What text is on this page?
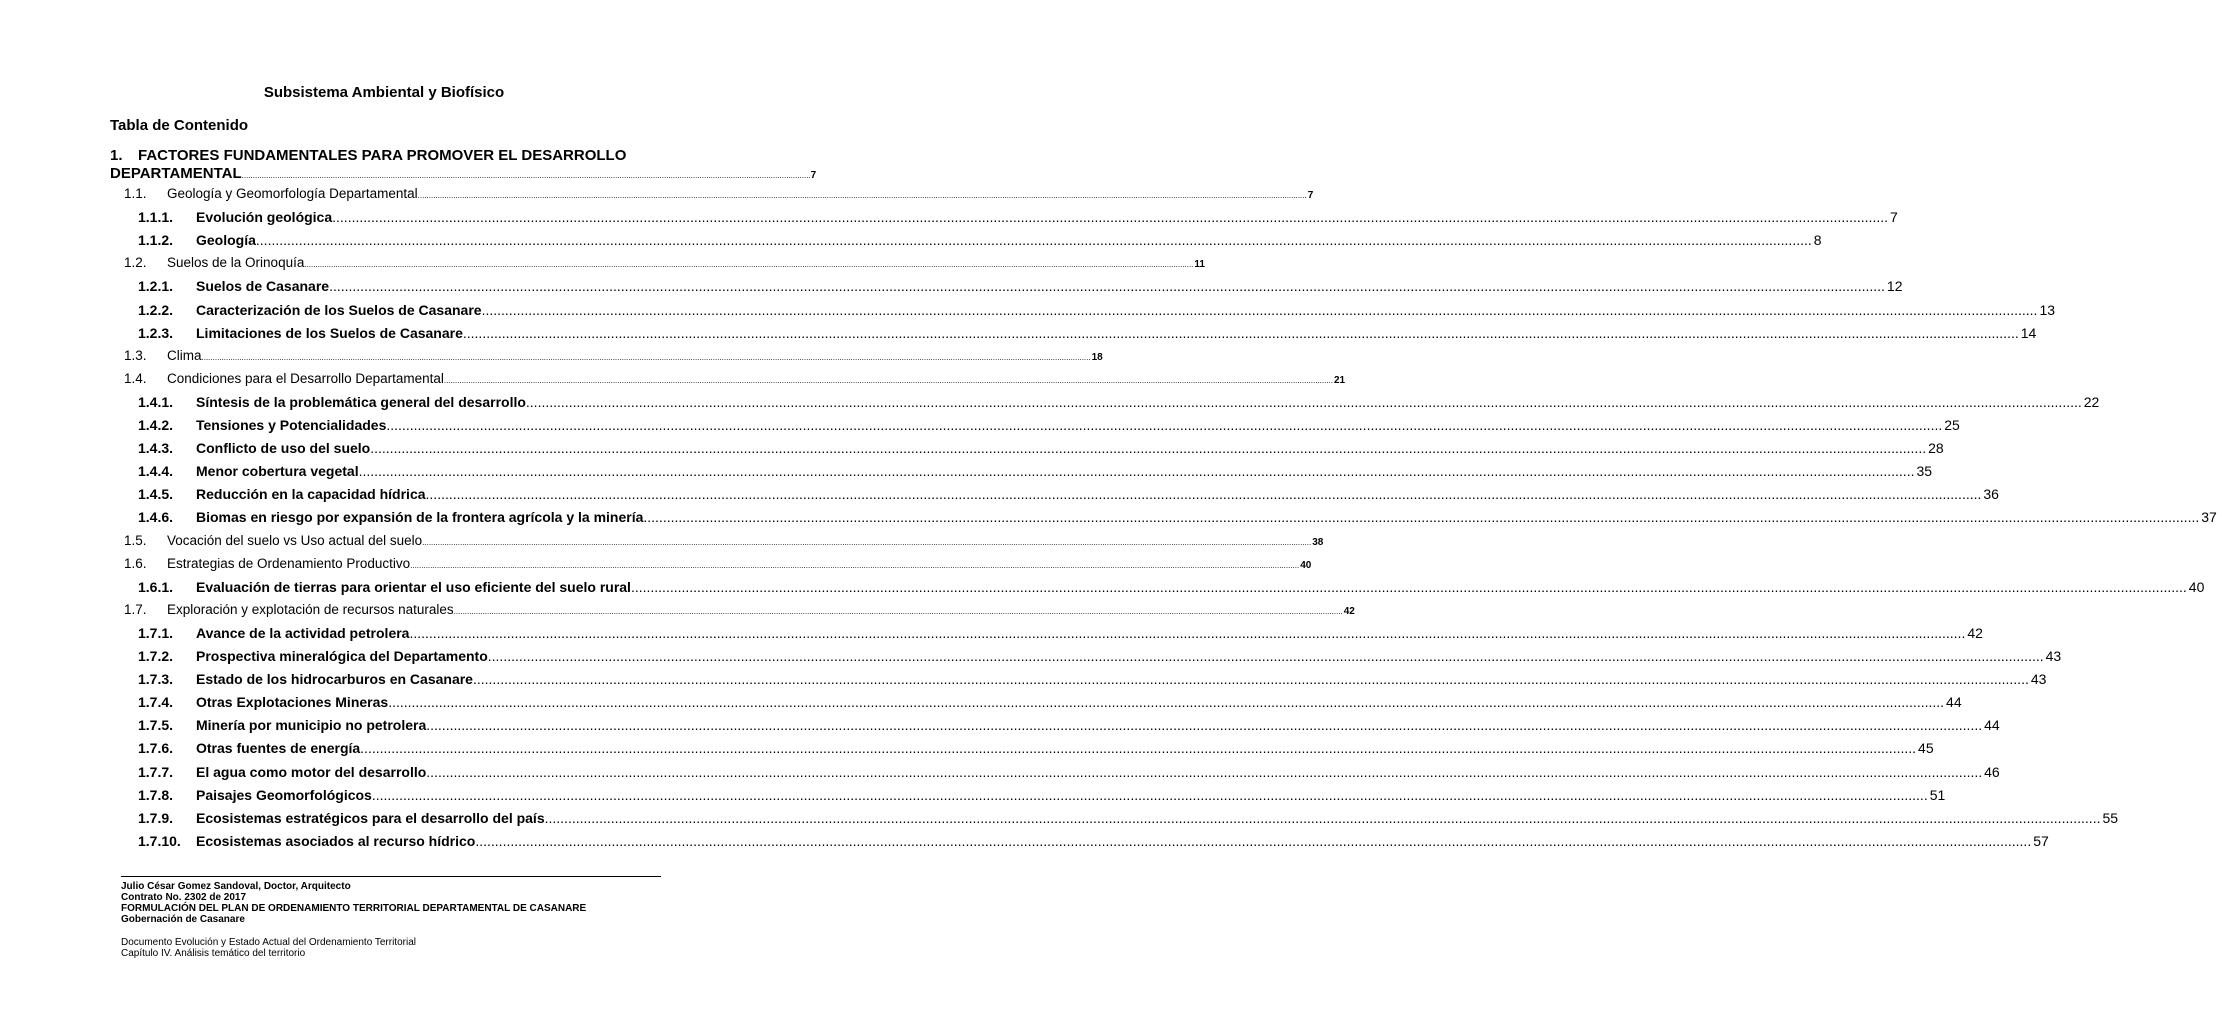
Subsistema Ambiental y Biofísico
Tabla de Contenido
1.	FACTORES FUNDAMENTALES PARA PROMOVER EL DESARROLLO
DEPARTAMENTAL ................................................................................................................................................................................................................................................................ 7
1.1.	Geología y Geomorfología Departamental ................................................................................................................................................................................................................................................................................................................................................................................................................ 7
1.1.1.	Evolución geológica ................................................................................................................................................................................................................................................................................................................................................................................................................ 7
1.1.2.	Geología ................................................................................................................................................................................................................................................................................................................................................................................................................ 8
1.2.	Suelos de la Orinoquía ................................................................................................................................................................................................................................................................................................................................................................................................................ 11
1.2.1.	Suelos de Casanare ................................................................................................................................................................................................................................................................................................................................................................................................................ 12
1.2.2.	Caracterización de los Suelos de Casanare ................................................................................................................................................................................................................................................................................................................................................................................................................ 13
1.2.3.	Limitaciones de los Suelos de Casanare ................................................................................................................................................................................................................................................................................................................................................................................................................ 14
1.3.	Clima ................................................................................................................................................................................................................................................................................................................................................................................................................ 18
1.4.	Condiciones para el Desarrollo Departamental ................................................................................................................................................................................................................................................................................................................................................................................................................ 21
1.4.1.	Síntesis de la problemática general del desarrollo ................................................................................................................................................................................................................................................................................................................................................................................................................ 22
1.4.2.	Tensiones y Potencialidades ................................................................................................................................................................................................................................................................................................................................................................................................................ 25
1.4.3.	Conflicto de uso del suelo ................................................................................................................................................................................................................................................................................................................................................................................................................ 28
1.4.4.	Menor cobertura vegetal ................................................................................................................................................................................................................................................................................................................................................................................................................ 35
1.4.5.	Reducción en la capacidad hídrica ................................................................................................................................................................................................................................................................................................................................................................................................................ 36
1.4.6.	Biomas en riesgo por expansión de la frontera agrícola y la minería ................................................................................................................................................................................................................................................................................................................................................................................................................ 37
1.5.	Vocación del suelo vs Uso actual del suelo ................................................................................................................................................................................................................................................................................................................................................................................................................ 38
1.6.	Estrategias de Ordenamiento Productivo ................................................................................................................................................................................................................................................................................................................................................................................................................ 40
1.6.1.	Evaluación de tierras para orientar el uso eficiente del suelo rural ................................................................................................................................................................................................................................................................................................................................................................................................................ 40
1.7.	Exploración y explotación de recursos naturales ................................................................................................................................................................................................................................................................................................................................................................................................................ 42
1.7.1.	Avance de la actividad petrolera ................................................................................................................................................................................................................................................................................................................................................................................................................ 42
1.7.2.	Prospectiva mineralógica del Departamento ................................................................................................................................................................................................................................................................................................................................................................................................................ 43
1.7.3.	Estado de los hidrocarburos en Casanare ................................................................................................................................................................................................................................................................................................................................................................................................................ 43
1.7.4.	Otras Explotaciones Mineras ................................................................................................................................................................................................................................................................................................................................................................................................................ 44
1.7.5.	Minería por municipio no petrolera ................................................................................................................................................................................................................................................................................................................................................................................................................ 44
1.7.6.	Otras fuentes de energía ................................................................................................................................................................................................................................................................................................................................................................................................................ 45
1.7.7.	El agua como motor del desarrollo ................................................................................................................................................................................................................................................................................................................................................................................................................ 46
1.7.8.	Paisajes Geomorfológicos ................................................................................................................................................................................................................................................................................................................................................................................................................ 51
1.7.9.	Ecosistemas estratégicos para el desarrollo del país ................................................................................................................................................................................................................................................................................................................................................................................................................ 55
1.7.10.	Ecosistemas asociados al recurso hídrico ................................................................................................................................................................................................................................................................................................................................................................................................................ 57
Julio César Gomez Sandoval, Doctor, Arquitecto
Contrato No. 2302 de 2017
FORMULACIÓN DEL PLAN DE ORDENAMIENTO TERRITORIAL DEPARTAMENTAL DE CASANARE
Gobernación de Casanare
Documento Evolución y Estado Actual del Ordenamiento Territorial
Capítulo IV. Análisis temático del territorio
